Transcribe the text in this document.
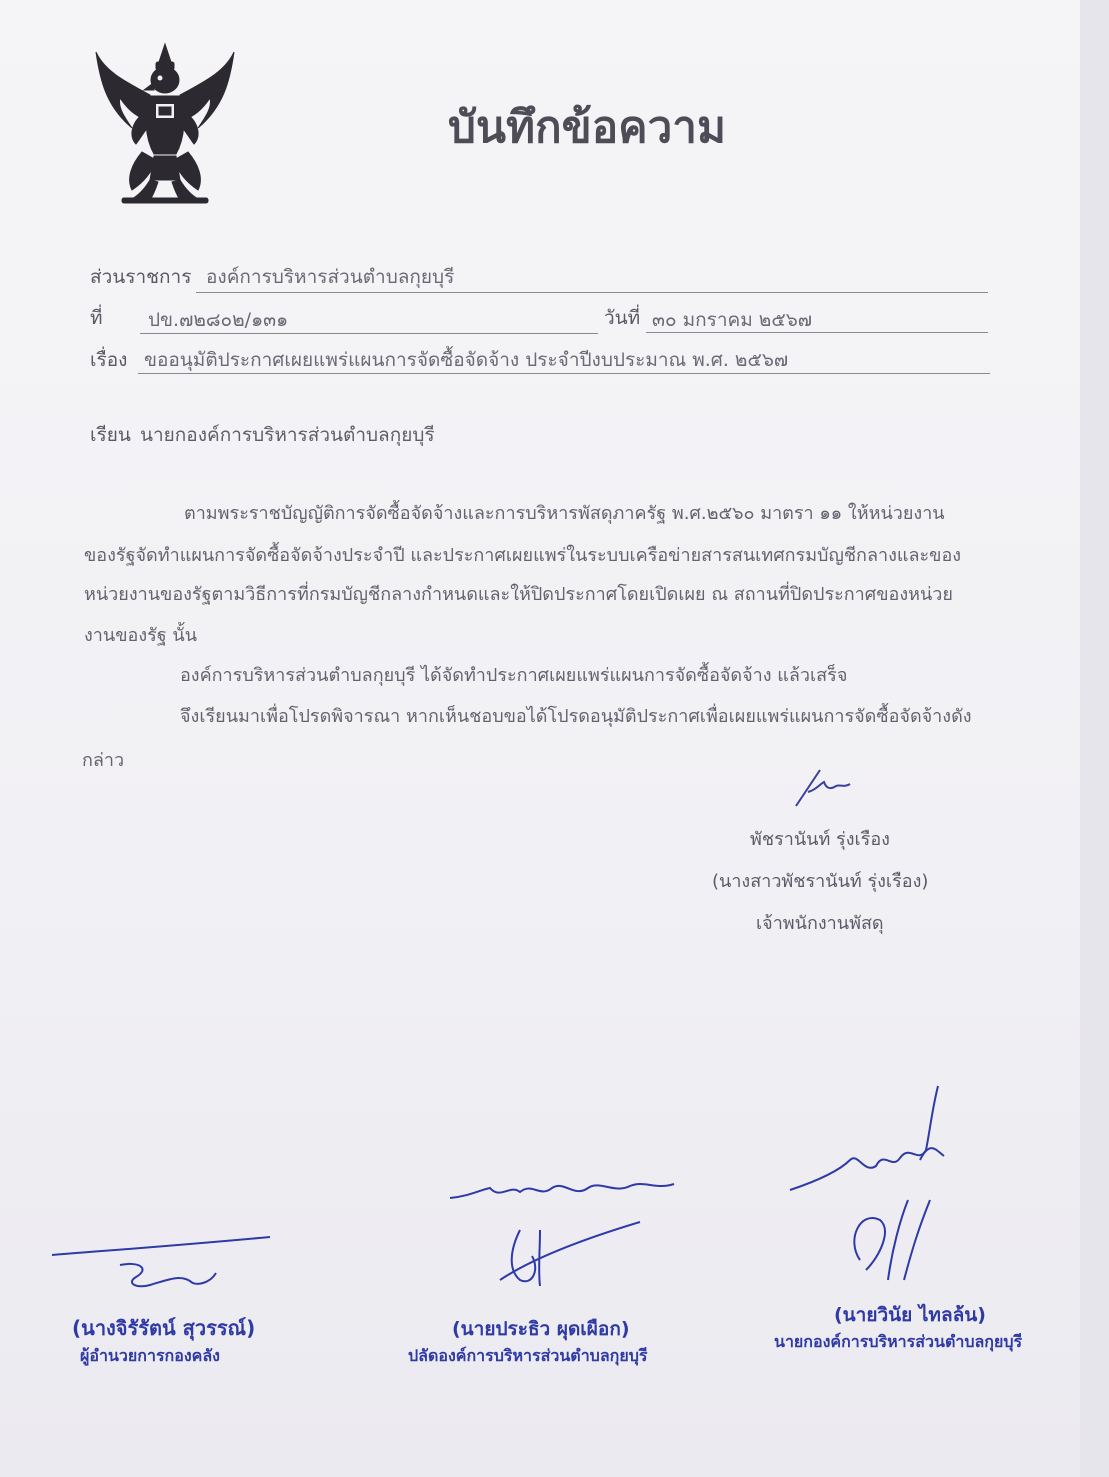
บันทึกข้อความ
ส่วนราชการ องค์การบริหารส่วนตำบลกุยบุรี
ที่ ปข.๗๒๘๐๒/๑๓๑	วันที่ ๓๐ มกราคม ๒๕๖๗
เรื่อง ขออนุมัติประกาศเผยแพร่แผนการจัดซื้อจัดจ้าง ประจำปีงบประมาณ พ.ศ. ๒๕๖๗
เรียน นายกองค์การบริหารส่วนตำบลกุยบุรี
ตามพระราชบัญญัติการจัดซื้อจัดจ้างและการบริหารพัสดุภาครัฐ พ.ศ.๒๕๖๐ มาตรา ๑๑ ให้หน่วยงาน
ของรัฐจัดทำแผนการจัดซื้อจัดจ้างประจำปี และประกาศเผยแพร่ในระบบเครือข่ายสารสนเทศกรมบัญชีกลางและของ
หน่วยงานของรัฐตามวิธีการที่กรมบัญชีกลางกำหนดและให้ปิดประกาศโดยเปิดเผย ณ สถานที่ปิดประกาศของหน่วย
งานของรัฐ นั้น
องค์การบริหารส่วนตำบลกุยบุรี ได้จัดทำประกาศเผยแพร่แผนการจัดซื้อจัดจ้าง แล้วเสร็จ
จึงเรียนมาเพื่อโปรดพิจารณา หากเห็นชอบขอได้โปรดอนุมัติประกาศเพื่อเผยแพร่แผนการจัดซื้อจัดจ้างดัง
กล่าว
พัชรานันท์ รุ่งเรือง
(นางสาวพัชรานันท์ รุ่งเรือง)
เจ้าพนักงานพัสดุ
(นางจิรัรัตน์ สุวรรณ์)
ผู้อำนวยการกองคลัง
(นายประธิว ผุดเผือก)
ปลัดองค์การบริหารส่วนตำบลกุยบุรี
(นายวินัย ไทลล้น)
นายกองค์การบริหารส่วนตำบลกุยบุรี
